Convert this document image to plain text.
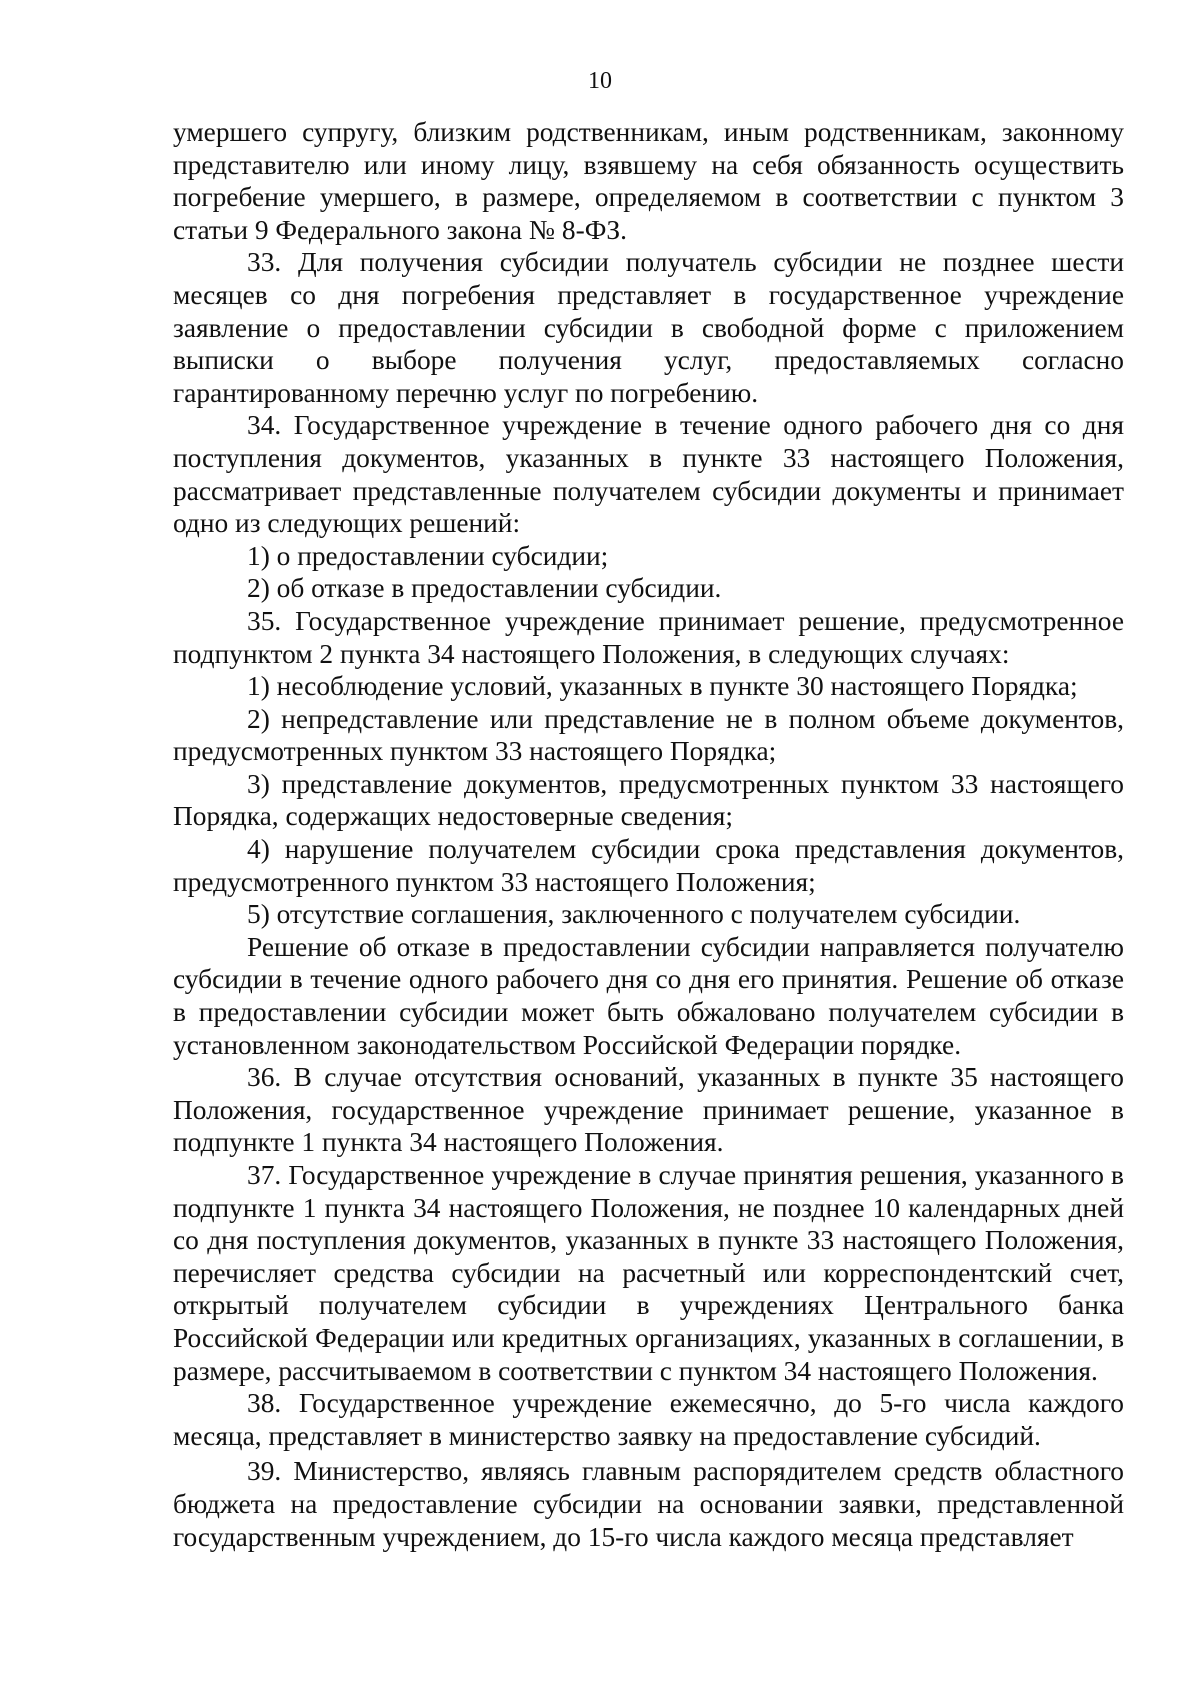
10

умершего супругу, близким родственникам, иным родственникам, законному представителю или иному лицу, взявшему на себя обязанность осуществить погребение умершего, в размере, определяемом в соответствии с пунктом 3 статьи 9 Федерального закона № 8-ФЗ.

33. Для получения субсидии получатель субсидии не позднее шести месяцев со дня погребения представляет в государственное учреждение заявление о предоставлении субсидии в свободной форме с приложением выписки о выборе получения услуг, предоставляемых согласно гарантированному перечню услуг по погребению.

34. Государственное учреждение в течение одного рабочего дня со дня поступления документов, указанных в пункте 33 настоящего Положения, рассматривает представленные получателем субсидии документы и принимает одно из следующих решений:

1) о предоставлении субсидии;

2) об отказе в предоставлении субсидии.

35. Государственное учреждение принимает решение, предусмотренное подпунктом 2 пункта 34 настоящего Положения, в следующих случаях:

1) несоблюдение условий, указанных в пункте 30 настоящего Порядка;

2) непредставление или представление не в полном объеме документов, предусмотренных пунктом 33 настоящего Порядка;

3) представление документов, предусмотренных пунктом 33 настоящего Порядка, содержащих недостоверные сведения;

4) нарушение получателем субсидии срока представления документов, предусмотренного пунктом 33 настоящего Положения;

5) отсутствие соглашения, заключенного с получателем субсидии.

Решение об отказе в предоставлении субсидии направляется получателю субсидии в течение одного рабочего дня со дня его принятия. Решение об отказе в предоставлении субсидии может быть обжаловано получателем субсидии в установленном законодательством Российской Федерации порядке.

36. В случае отсутствия оснований, указанных в пункте 35 настоящего Положения, государственное учреждение принимает решение, указанное в подпункте 1 пункта 34 настоящего Положения.

37. Государственное учреждение в случае принятия решения, указанного в подпункте 1 пункта 34 настоящего Положения, не позднее 10 календарных дней со дня поступления документов, указанных в пункте 33 настоящего Положения, перечисляет средства субсидии на расчетный или корреспондентский счет, открытый получателем субсидии в учреждениях Центрального банка Российской Федерации или кредитных организациях, указанных в соглашении, в размере, рассчитываемом в соответствии с пунктом 34 настоящего Положения.

38. Государственное учреждение ежемесячно, до 5-го числа каждого месяца, представляет в министерство заявку на предоставление субсидий.

39. Министерство, являясь главным распорядителем средств областного бюджета на предоставление субсидии на основании заявки, представленной государственным учреждением, до 15-го числа каждого месяца представляет
